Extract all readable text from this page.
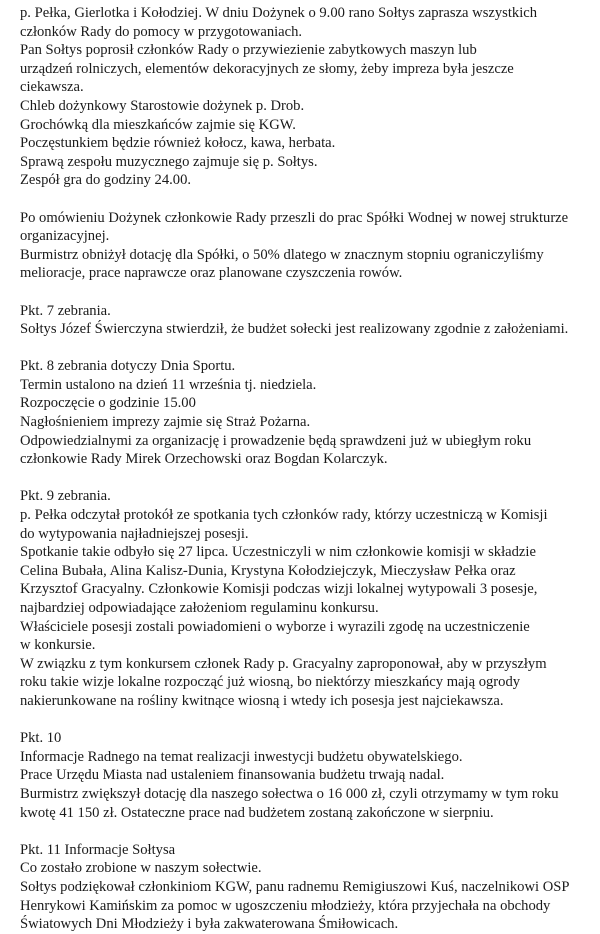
p. Pełka, Gierlotka i Kołodziej. W dniu Dożynek o 9.00 rano Sołtys zaprasza wszystkich
członków Rady do pomocy w przygotowaniach.
Pan Sołtys poprosił członków Rady o przywiezienie zabytkowych maszyn lub
urządzeń rolniczych, elementów dekoracyjnych ze słomy, żeby impreza była jeszcze
ciekawsza.
Chleb dożynkowy Starostowie dożynek p. Drob.
Grochówką dla mieszkańców zajmie się KGW.
Poczęstunkiem będzie również kołocz, kawa, herbata.
Sprawą zespołu muzycznego zajmuje się p. Sołtys.
Zespół gra do godziny 24.00.
Po omówieniu Dożynek członkowie Rady przeszli do prac Spółki Wodnej w nowej strukturze
organizacyjnej.
Burmistrz obniżył dotację dla Spółki, o 50% dlatego w znacznym stopniu ograniczyliśmy
melioracje, prace naprawcze oraz planowane czyszczenia rowów.
Pkt. 7 zebrania.
Sołtys Józef Świerczyna stwierdził, że budżet sołecki jest realizowany zgodnie z założeniami.
Pkt. 8 zebrania dotyczy Dnia Sportu.
Termin ustalono na dzień 11 września tj. niedziela.
Rozpoczęcie o godzinie 15.00
Nagłośnieniem imprezy zajmie się Straż Pożarna.
Odpowiedzialnymi za organizację i prowadzenie będą sprawdzeni już w ubiegłym roku
członkowie Rady Mirek Orzechowski oraz Bogdan Kolarczyk.
Pkt. 9 zebrania.
p. Pełka odczytał protokół ze spotkania tych członków rady, którzy uczestniczą w Komisji
do wytypowania najładniejszej posesji.
Spotkanie takie odbyło się 27 lipca. Uczestniczyli w nim członkowie komisji w składzie
Celina Bubała, Alina Kalisz-Dunia, Krystyna Kołodziejczyk, Mieczysław Pełka oraz
Krzysztof Gracyalny. Członkowie Komisji podczas wizji lokalnej wytypowali 3 posesje,
najbardziej odpowiadające założeniom regulaminu konkursu.
Właściciele posesji zostali powiadomieni o wyborze i wyrazili zgodę na uczestniczenie
w konkursie.
W związku z tym konkursem członek Rady p. Gracyalny zaproponował, aby w przyszłym
roku takie wizje lokalne rozpocząć już wiosną, bo niektórzy mieszkańcy mają ogrody
nakierunkowane na rośliny kwitnące wiosną i wtedy ich posesja jest najciekawsza.
Pkt. 10
Informacje Radnego na temat realizacji inwestycji budżetu obywatelskiego.
Prace Urzędu Miasta nad ustaleniem finansowania budżetu trwają nadal.
Burmistrz zwiększył dotację dla naszego sołectwa o 16 000 zł, czyli otrzymamy w tym roku
kwotę 41 150 zł. Ostateczne prace nad budżetem zostaną zakończone w sierpniu.
Pkt. 11 Informacje Sołtysa
Co zostało zrobione w naszym sołectwie.
Sołtys podziękował członkiniom KGW, panu radnemu Remigiuszowi Kuś, naczelnikowi OSP
Henrykowi Kamińskim za pomoc w ugoszczeniu młodzieży, która przyjechała na obchody
Światowych Dni Młodzieży i była zakwaterowana Śmiłowicach.
